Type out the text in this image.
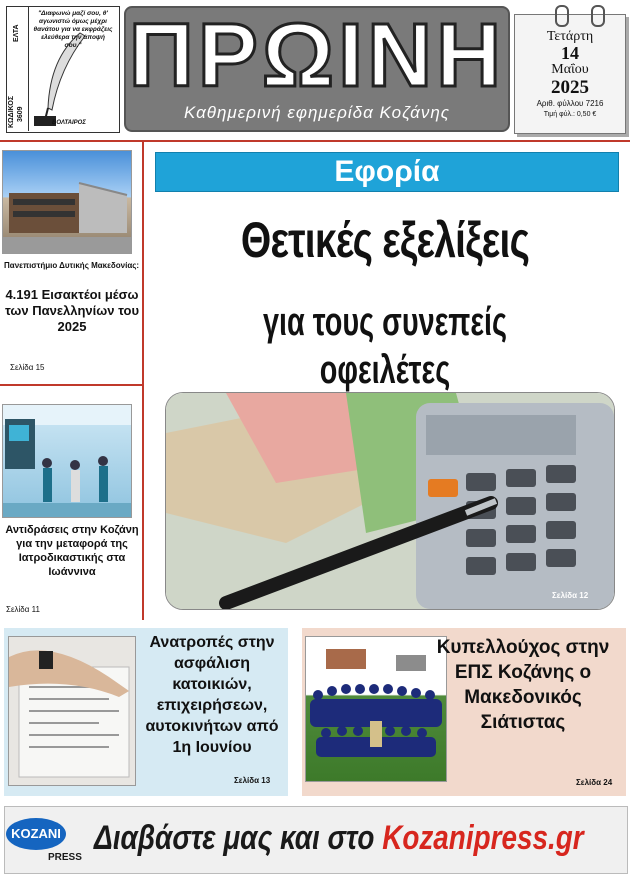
ΚΩΔΙΚΟΣ 3609
ΕΛΤΑ
"Διαφωνώ μαζί σου, θ' αγωνιστώ όμως μέχρι θανάτου για να εκφράζεις ελεύθερα την άποψή σου."
ΒΟΛΤΑΙΡΟΣ
ΠΡΩΙΝΗ
Καθημερινή εφημερίδα Κοζάνης
Τετάρτη
14
Μαΐου
2025
Αριθ. φύλλου 7216
Τιμή φύλ.: 0,50 €
Πανεπιστήμιο Δυτικής Μακεδονίας:
4.191 Εισακτέοι μέσω των Πανελληνίων του 2025
Σελίδα 15
Αντιδράσεις στην Κοζάνη για την μεταφορά της Ιατροδικαστικής στα Ιωάννινα
Σελίδα 11
Εφορία
Θετικές εξελίξεις
για τους συνεπείς οφειλέτες
Σελίδα 12
Ανατροπές στην ασφάλιση κατοικιών, επιχειρήσεων, αυτοκινήτων από 1η Ιουνίου
Σελίδα 13
Κυπελλούχος στην ΕΠΣ Κοζάνης ο Μακεδονικός Σιάτιστας
Σελίδα 24
KOZANI
PRESS
Διαβάστε μας και στο Kozanipress.gr
